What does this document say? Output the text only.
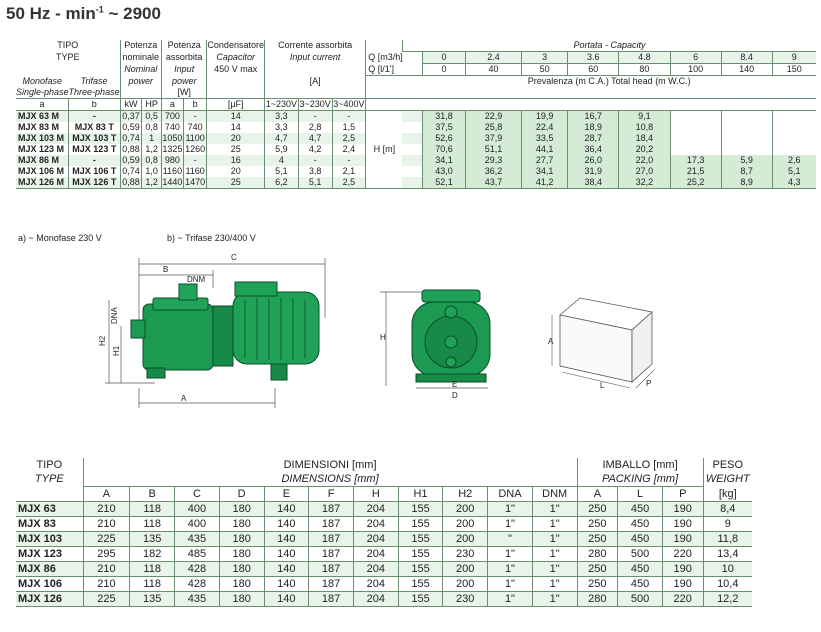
50 Hz - $\min^{-1}$ ~ 2900
TIPO		Potenza		Potenza		Condensatore	Corrente assorbita				Portata - Capacity								
TYPE		nominale		assorbita		Capacitor	Input current			Q [m3/h]		0	2.4	3	3.6	4.8	6	8.4	9
		Nominal		Input		450 V max				Q [l/1']		0	40	50	60	80	100	140	150
Monofase	Trifase	power		power			[A]				Prevalenza (m C.A.) Total head (m W.C.)								
Single-phase	Three-phase			[W]															
a	b	kW	HP	a	b	[μF]	1~230V	3~230V	3~400V										
MJX 63 M	-	0,37	0,5	700	-	14	3,3	-	-			31,8	22,9	19,9	16,7	9,1			
MJX 83 M	MJX 83 T	0,59	0,8	740	740	14	3,3	2,8	1,5			37,5	25,8	22,4	18,9	10,8			
MJX 103 M	MJX 103 T	0,74	1	1050	1100	20	4,7	4,7	2,5			52,6	37,9	33,5	28,7	18,4			
MJX 123 M	MJX 123 T	0,88	1,2	1325	1260	25	5,9	4,2	2,4	H [m]		70,6	51,1	44,1	36,4	20,2			
MJX 86 M	-	0,59	0,8	980	-	16	4	-	-			34,1	29,3	27,7	26,0	22,0	17,3	5,9	2,6
MJX 106 M	MJX 106 T	0,74	1,0	1160	1160	20	5,1	3,8	2,1			43,0	36,2	34,1	31,9	27,0	21,5	8,7	5,1
MJX 126 M	MJX 126 T	0,88	1,2	1440	1470	25	6,2	5,1	2,5			52,1	43,7	41,2	38,4	32,2	25,2	8,9	4,3
a) ~ Monofase 230 V	b) ~ Trifase 230/400 V
C
B
DNM
DNA
H2
H1
A
H
E
D
A
L	P
TIPO	DIMENSIONI [mm]											IMBALLO [mm]			PESO
TYPE	DIMENSIONS [mm]											PACKING [mm]			WEIGHT
	A	B	C	D	E	F	H	H1	H2	DNA	DNM	A	L	P	[kg]
MJX 63	210	118	400	180	140	187	204	155	200	1"	1"	250	450	190	8,4
MJX 83	210	118	400	180	140	187	204	155	200	1"	1"	250	450	190	9
MJX 103	225	135	435	180	140	187	204	155	200	"	1"	250	450	190	11,8
MJX 123	295	182	485	180	140	187	204	155	230	1"	1"	280	500	220	13,4
MJX 86	210	118	428	180	140	187	204	155	200	1"	1"	250	450	190	10
MJX 106	210	118	428	180	140	187	204	155	200	1"	1"	250	450	190	10,4
MJX 126	225	135	435	180	140	187	204	155	230	1"	1"	280	500	220	12,2
